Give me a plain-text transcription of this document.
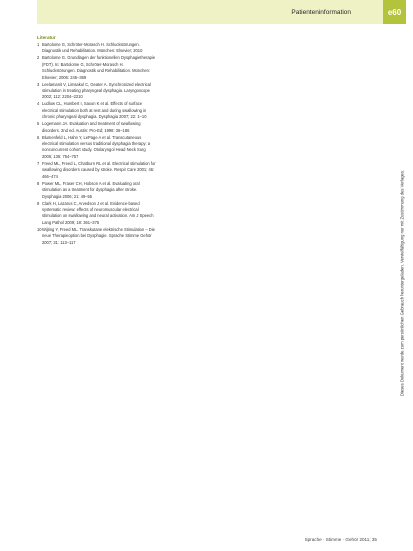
Patienteninformation	e60
Literatur
1 Bartolome G, Schröter-Morasch H. Schluckstörungen. Diagnostik und Rehabilitation. München: Elsevier; 2010
2 Bartolome G. Grundlagen der funktionellen Dysphagietherapie (FDT). In: Bartolome G, Schröter-Morasch H. Schluckstörungen. Diagnostik und Rehabilitation. München: Elsevier; 2006: 245–369
3 Leelamanit V, Limsakul C, Geater A. Synchronized electrical stimulation in treating pharyngeal dysphagia. Laryngoscope 2002; 112: 2204–2210
4 Ludlow CL, Humbert I, Saxon K et al. Effects of surface electrical stimulation both at rest and during swallowing in chronic pharyngeal dysphagia. Dysphagia 2007; 22: 1–10
5 Logemann JA. Evaluation and treatment of swallowing disorders. 2nd ed. Austin: Pro-Ed; 1998: 36–186
6 Blumenfeld L, Hahn Y, LePage A et al. Transcutaneous electrical stimulation versus traditional dysphagia therapy: a nonconcurrent cohort study. Otolaryngol Head Neck Surg 2006; 135: 754–757
7 Freed ML, Freed L, Chatburn RL et al. Electrical stimulation for swallowing disorders caused by stroke. Respir Care 2001; 46: 466–474
8 Power ML, Fraser CH, Hobson A et al. Evaluating oral stimulation as a treatment for dysphagia after stroke. Dysphagia 2006; 21: 49–55
9 Clark H, Lazarus C, Arvedson J et al. Evidence-based systematic review: effects of neuromuscular electrical stimulation on swallowing and neural activation. Am J Speech Lang Pathol 2009; 18: 361–375
10 Wijting Y, Freed ML. Transkutane elektrische Stimulation – Die neue Therapieoption bei Dysphagie. Sprache Stimme Gehör 2007; 31: 113–117	Dieses Dokument wurde zum persönlichen Gebrauch heruntergeladen. Vervielfältigung nur mit Zustimmung des Verlages.
Sprache · Stimme · Gehör 2011; 35
